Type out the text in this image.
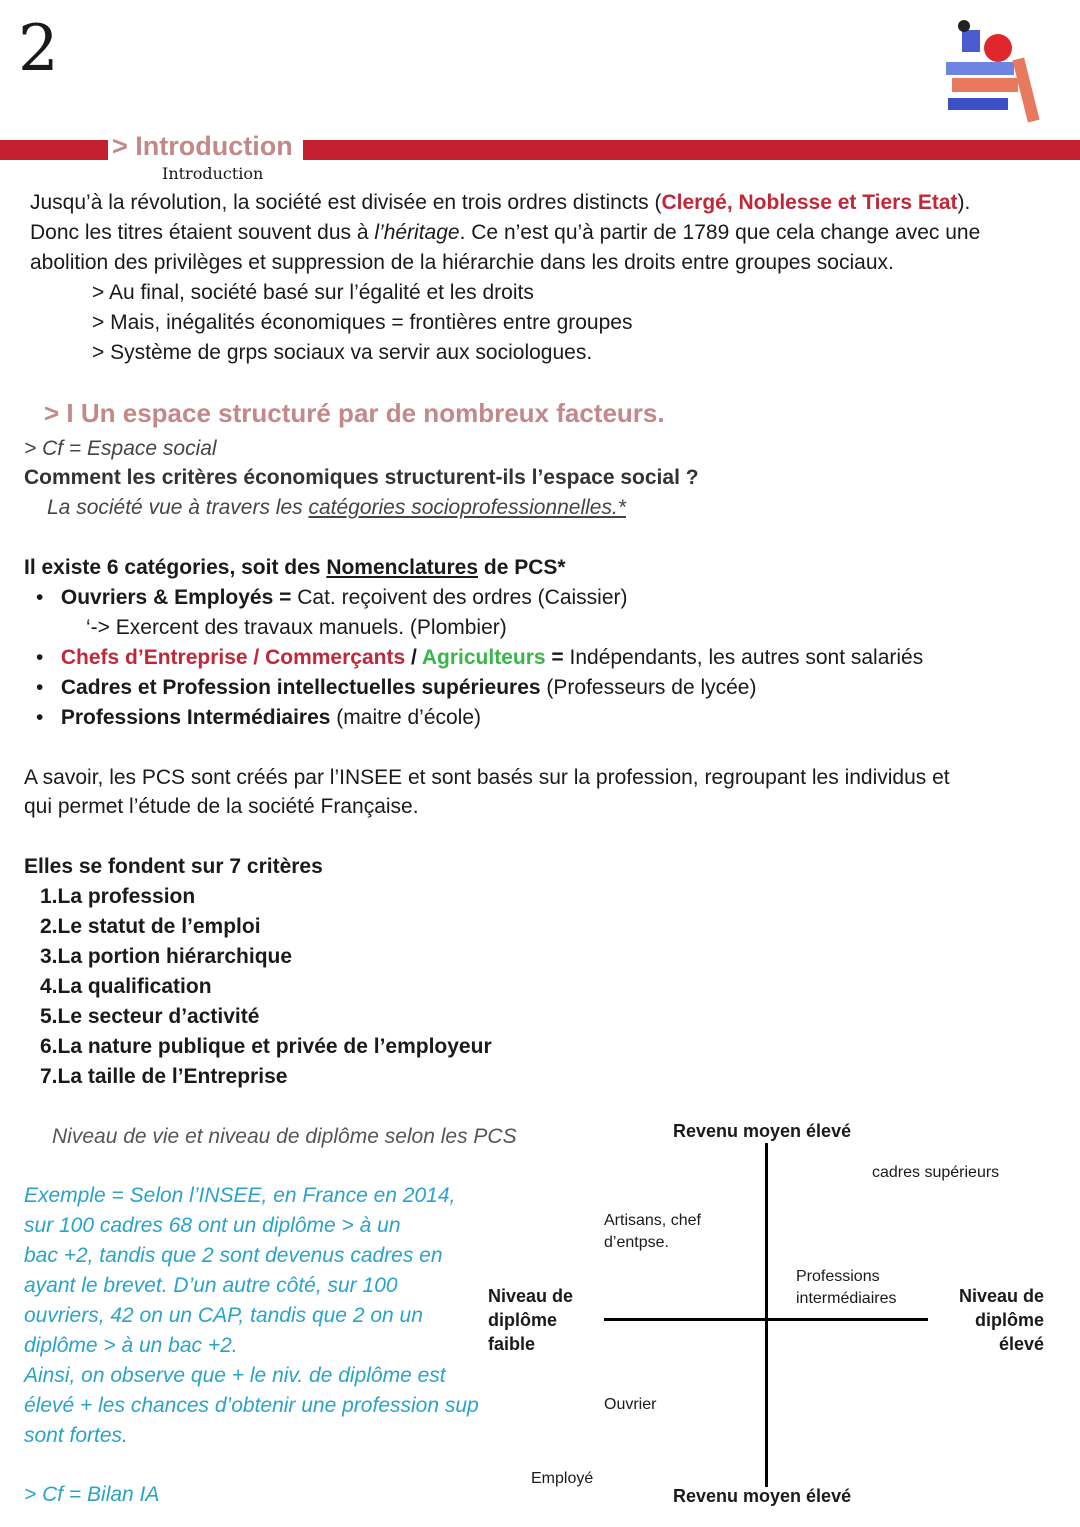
2
> Introduction
Introduction
Jusqu’à la révolution, la société est divisée en trois ordres distincts (Clergé, Noblesse et Tiers Etat).
Donc les titres étaient souvent dus à l’héritage. Ce n’est qu’à partir de 1789 que cela change avec une
abolition des privilèges et suppression de la hiérarchie dans les droits entre groupes sociaux.
> Au final, société basé sur l’égalité et les droits
> Mais, inégalités économiques = frontières entre groupes
> Système de grps sociaux va servir aux sociologues.
> I Un espace structuré par de nombreux facteurs.
> Cf = Espace social
Comment les critères économiques structurent-ils l’espace social ?
La société vue à travers les catégories socioprofessionnelles.*
Il existe 6 catégories, soit des Nomenclatures de PCS*
•   Ouvriers & Employés = Cat. reçoivent des ordres (Caissier)
‘-> Exercent des travaux manuels. (Plombier)
•   Chefs d’Entreprise / Commerçants / Agriculteurs = Indépendants, les autres sont salariés
•   Cadres et Profession intellectuelles supérieures (Professeurs de lycée)
•   Professions Intermédiaires (maitre d’école)
A savoir, les PCS sont créés par l’INSEE et sont basés sur la profession, regroupant les individus et
qui permet l’étude de la société Française.
Elles se fondent sur 7 critères
1.La profession
2.Le statut de l’emploi
3.La portion hiérarchique
4.La qualification
5.Le secteur d’activité
6.La nature publique et privée de l’employeur
7.La taille de l’Entreprise
Niveau de vie et niveau de diplôme selon les PCS
Exemple = Selon l’INSEE, en France en 2014,
sur 100 cadres 68 ont un diplôme > à un
bac +2, tandis que 2 sont devenus cadres en
ayant le brevet. D’un autre côté, sur 100
ouvriers, 42 on un CAP, tandis que 2 on un
diplôme > à un bac +2.
Ainsi, on observe que + le niv. de diplôme est
élevé + les chances d’obtenir une profession sup
sont fortes.
> Cf = Bilan IA
Revenu moyen élevé
Revenu moyen élevé
Niveau de
diplôme
faible
Niveau de
diplôme
élevé
cadres supérieurs
Artisans, chef
d’entpse.
Professions
intermédiaires
Ouvrier
Employé
